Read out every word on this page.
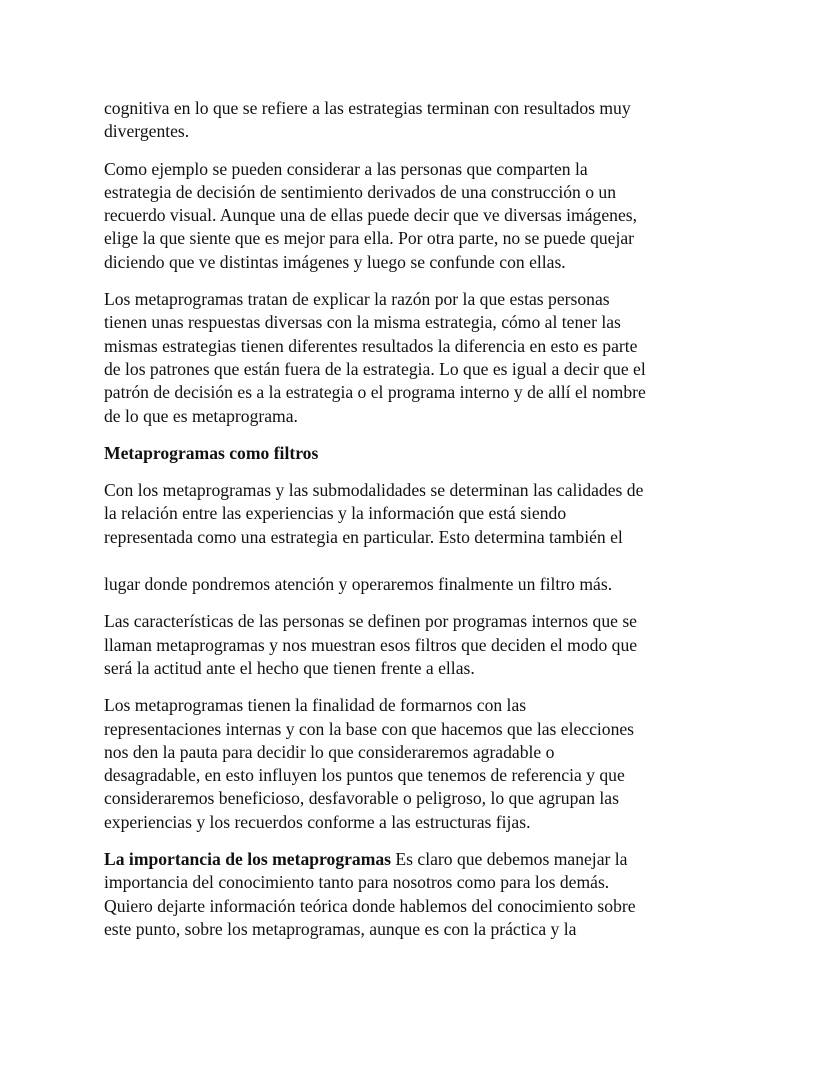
cognitiva en lo que se refiere a las estrategias terminan con resultados muy
divergentes.

Como ejemplo se pueden considerar a las personas que comparten la
estrategia de decisión de sentimiento derivados de una construcción o un
recuerdo visual. Aunque una de ellas puede decir que ve diversas imágenes,
elige la que siente que es mejor para ella. Por otra parte, no se puede quejar
diciendo que ve distintas imágenes y luego se confunde con ellas.

Los metaprogramas tratan de explicar la razón por la que estas personas
tienen unas respuestas diversas con la misma estrategia, cómo al tener las
mismas estrategias tienen diferentes resultados la diferencia en esto es parte
de los patrones que están fuera de la estrategia. Lo que es igual a decir que el
patrón de decisión es a la estrategia o el programa interno y de allí el nombre
de lo que es metaprograma.

Metaprogramas como filtros

Con los metaprogramas y las submodalidades se determinan las calidades de
la relación entre las experiencias y la información que está siendo
representada como una estrategia en particular. Esto determina también el

lugar donde pondremos atención y operaremos finalmente un filtro más.

Las características de las personas se definen por programas internos que se
llaman metaprogramas y nos muestran esos filtros que deciden el modo que
será la actitud ante el hecho que tienen frente a ellas.

Los metaprogramas tienen la finalidad de formarnos con las
representaciones internas y con la base con que hacemos que las elecciones
nos den la pauta para decidir lo que consideraremos agradable o
desagradable, en esto influyen los puntos que tenemos de referencia y que
consideraremos beneficioso, desfavorable o peligroso, lo que agrupan las
experiencias y los recuerdos conforme a las estructuras fijas.

La importancia de los metaprogramas Es claro que debemos manejar la
importancia del conocimiento tanto para nosotros como para los demás.
Quiero dejarte información teórica donde hablemos del conocimiento sobre
este punto, sobre los metaprogramas, aunque es con la práctica y la
